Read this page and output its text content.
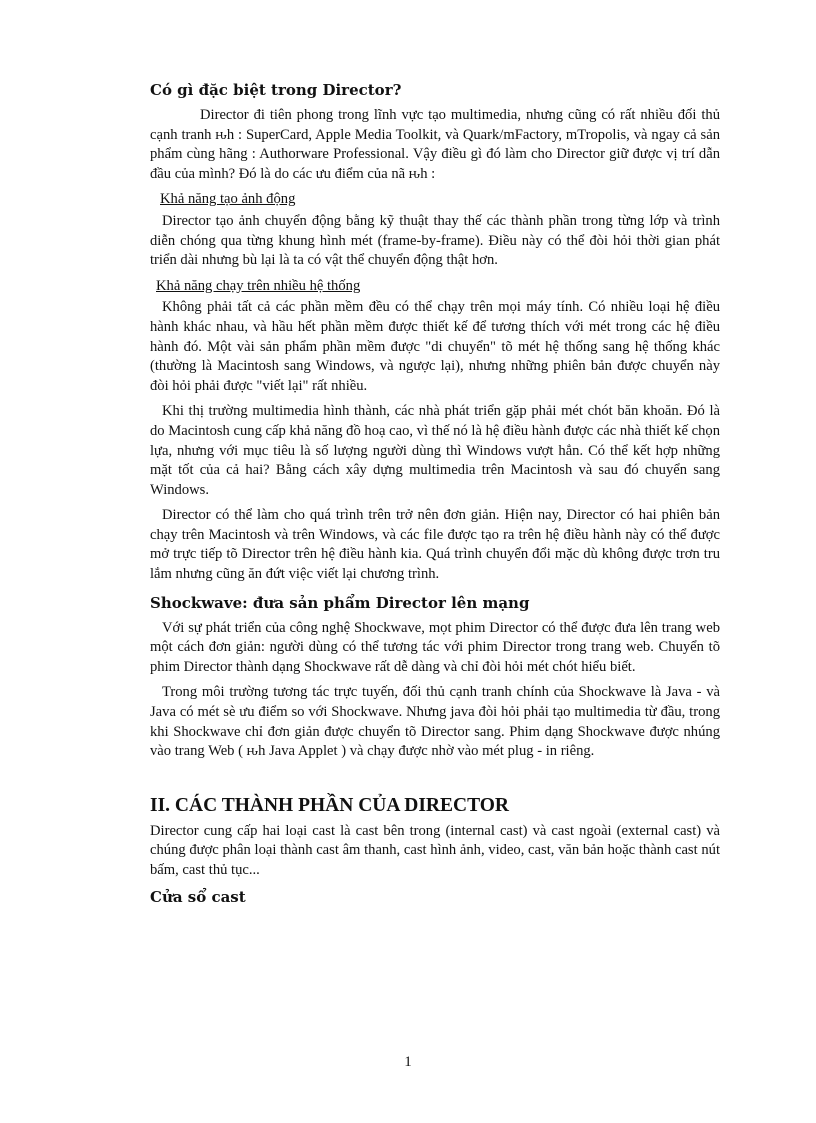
Có gì đặc biệt trong Director?

Director đi tiên phong trong lĩnh vực tạo multimedia, nhưng cũng có rất nhiều đối thủ cạnh tranh ԋh : SuperCard, Apple Media Toolkit, và Quark/mFactory, mTropolis, và ngay cả sản phẩm cùng hãng : Authorware Professional. Vậy điều gì đó làm cho Director giữ được vị trí dẫn đầu của mình? Đó là do các ưu điểm của nã ԋh :

Khả năng tạo ảnh động

Director tạo ảnh chuyển động bằng kỹ thuật thay thế các thành phần trong từng lớp và trình diễn chóng qua từng khung hình mét (frame-by-frame). Điều này có thể đòi hỏi thời gian phát triển dài nhưng bù lại là ta có vật thể chuyển động thật hơn.

Khả năng chạy trên nhiều hệ thống

Không phải tất cả các phần mềm đều có thể chạy trên mọi máy tính. Có nhiều loại hệ điều hành khác nhau, và hầu hết phần mềm được thiết kế để tương thích với mét trong các hệ điều hành đó. Một vài sản phẩm phần mềm được "di chuyển" tõ mét hệ thống sang hệ thống khác (thường là Macintosh sang Windows, và ngược lại), nhưng những phiên bản được chuyển này đòi hỏi phải được "viết lại" rất nhiều.

Khi thị trường multimedia hình thành, các nhà phát triển gặp phải mét chót băn khoăn. Đó là do Macintosh cung cấp khả năng đồ hoạ cao, vì thế nó là hệ điều hành được các nhà thiết kế chọn lựa, nhưng với mục tiêu là số lượng người dùng thì Windows vượt hẳn. Có thể kết hợp những mặt tốt của cả hai? Bằng cách xây dựng multimedia trên Macintosh và sau đó chuyển sang Windows.

Director có thể làm cho quá trình trên trở nên đơn giản. Hiện nay, Director có hai phiên bản chạy trên Macintosh và trên Windows, và các file được tạo ra trên hệ điều hành này có thể được mở trực tiếp tõ Director trên hệ điều hành kia. Quá trình chuyển đổi mặc dù không được trơn tru lắm nhưng cũng ăn đứt việc viết lại chương trình.

Shockwave: đưa sản phẩm Director lên mạng

Với sự phát triển của công nghệ Shockwave, mọt phim Director có thể được đưa lên trang web một cách đơn giản: người dùng có thể tương tác với phim Director trong trang web. Chuyển tõ phim Director thành dạng Shockwave rất dễ dàng và chỉ đòi hỏi mét chót hiểu biết.

Trong môi trường tương tác trực tuyến, đối thủ cạnh tranh chính của Shockwave là Java - và Java có mét sè ưu điểm so với Shockwave. Nhưng java đòi hỏi phải tạo multimedia từ đầu, trong khi Shockwave chỉ đơn giản được chuyển tõ Director sang. Phim dạng Shockwave được nhúng vào trang Web ( ԋh Java Applet ) và chạy được nhờ vào mét plug - in riêng.

II. CÁC THÀNH PHẦN CỦA DIRECTOR

Director cung cấp hai loại cast là cast bên trong (internal cast) và cast ngoài (external cast) và chúng được phân loại thành cast âm thanh, cast hình ảnh, video, cast, văn bản hoặc thành cast nút bấm, cast thủ tục...

Cửa sổ cast
1
